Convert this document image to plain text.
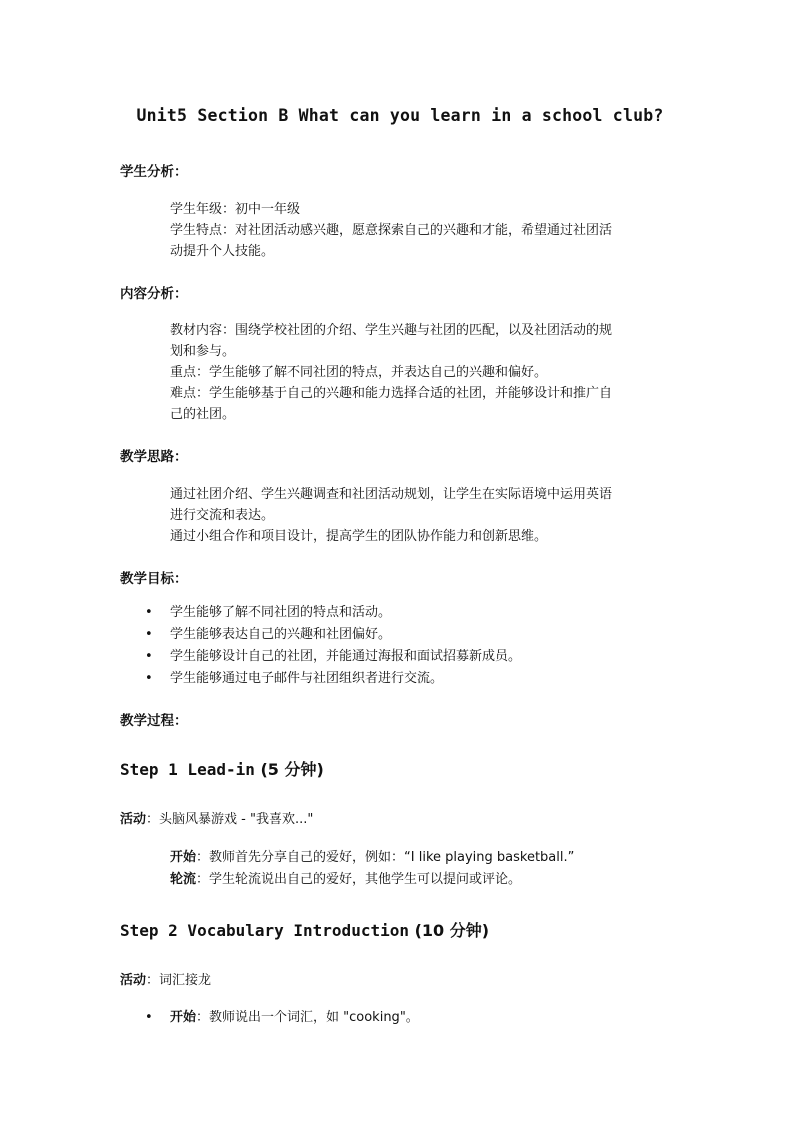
Unit5 Section B What can you learn in a school club?
学生分析：
学生年级：初中一年级
学生特点：对社团活动感兴趣，愿意探索自己的兴趣和才能，希望通过社团活
动提升个人技能。
内容分析：
教材内容：围绕学校社团的介绍、学生兴趣与社团的匹配，以及社团活动的规
划和参与。
重点：学生能够了解不同社团的特点，并表达自己的兴趣和偏好。
难点：学生能够基于自己的兴趣和能力选择合适的社团，并能够设计和推广自
己的社团。
教学思路：
通过社团介绍、学生兴趣调查和社团活动规划，让学生在实际语境中运用英语
进行交流和表达。
通过小组合作和项目设计，提高学生的团队协作能力和创新思维。
教学目标：
• 学生能够了解不同社团的特点和活动。
• 学生能够表达自己的兴趣和社团偏好。
• 学生能够设计自己的社团，并能通过海报和面试招募新成员。
• 学生能够通过电子邮件与社团组织者进行交流。
教学过程：
Step 1 Lead-in (5 分钟)
活动：头脑风暴游戏 - "我喜欢..."
开始：教师首先分享自己的爱好，例如：“I like playing basketball.”
轮流：学生轮流说出自己的爱好，其他学生可以提问或评论。
Step 2 Vocabulary Introduction (10 分钟)
活动：词汇接龙
• 开始：教师说出一个词汇，如 "cooking"。
